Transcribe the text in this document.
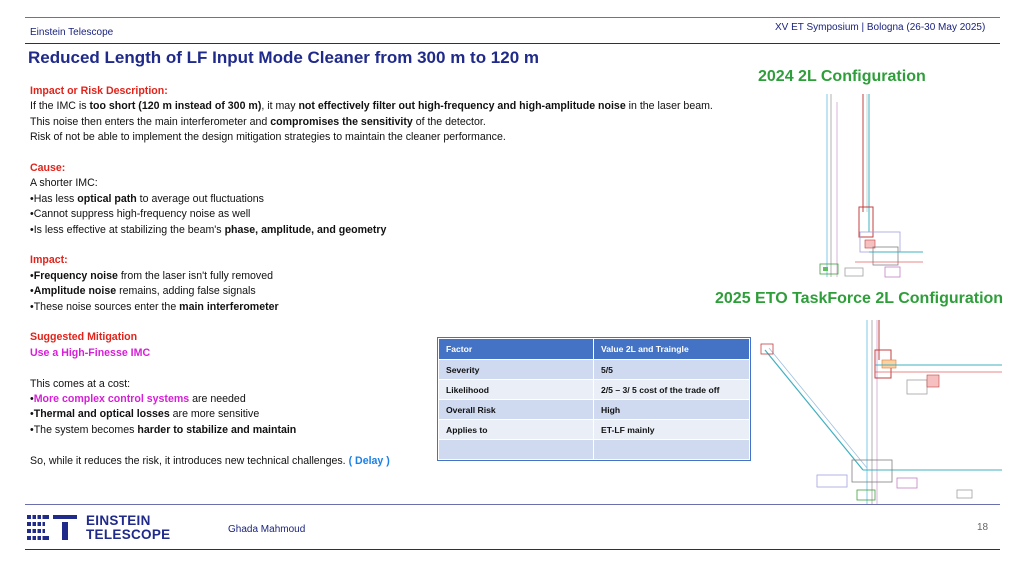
Einstein Telescope	XV ET Symposium | Bologna (26-30 May 2025)
Reduced Length of LF Input Mode Cleaner from 300 m to 120 m

Impact or Risk Description:

If the IMC is too short (120 m instead of 300 m), it may not effectively filter out high-frequency and high-amplitude noise in the laser beam.

This noise then enters the main interferometer and compromises the sensitivity of the detector.

Risk of not be able to implement the design mitigation strategies to maintain the cleaner performance.

Cause:

A shorter IMC:

•Has less optical path to average out fluctuations

•Cannot suppress high-frequency noise as well

•Is less effective at stabilizing the beam's phase, amplitude, and geometry

Impact:

•Frequency noise from the laser isn't fully removed

•Amplitude noise remains, adding false signals

•These noise sources enter the main interferometer

Suggested Mitigation

Use a High-Finesse IMC

This comes at a cost:

•More complex control systems are needed

•Thermal and optical losses are more sensitive

•The system becomes harder to stabilize and maintain

So, while it reduces the risk, it introduces new technical challenges. ( Delay )

2024 2L Configuration
2025 ETO TaskForce 2L Configuration
Factor	Value 2L and Traingle
Severity	5/5
Likelihood	2/5 – 3/ 5 cost of the trade off
Overall Risk	High
Applies to	ET-LF mainly

EINSTEIN
TELESCOPE	Ghada Mahmoud	18
